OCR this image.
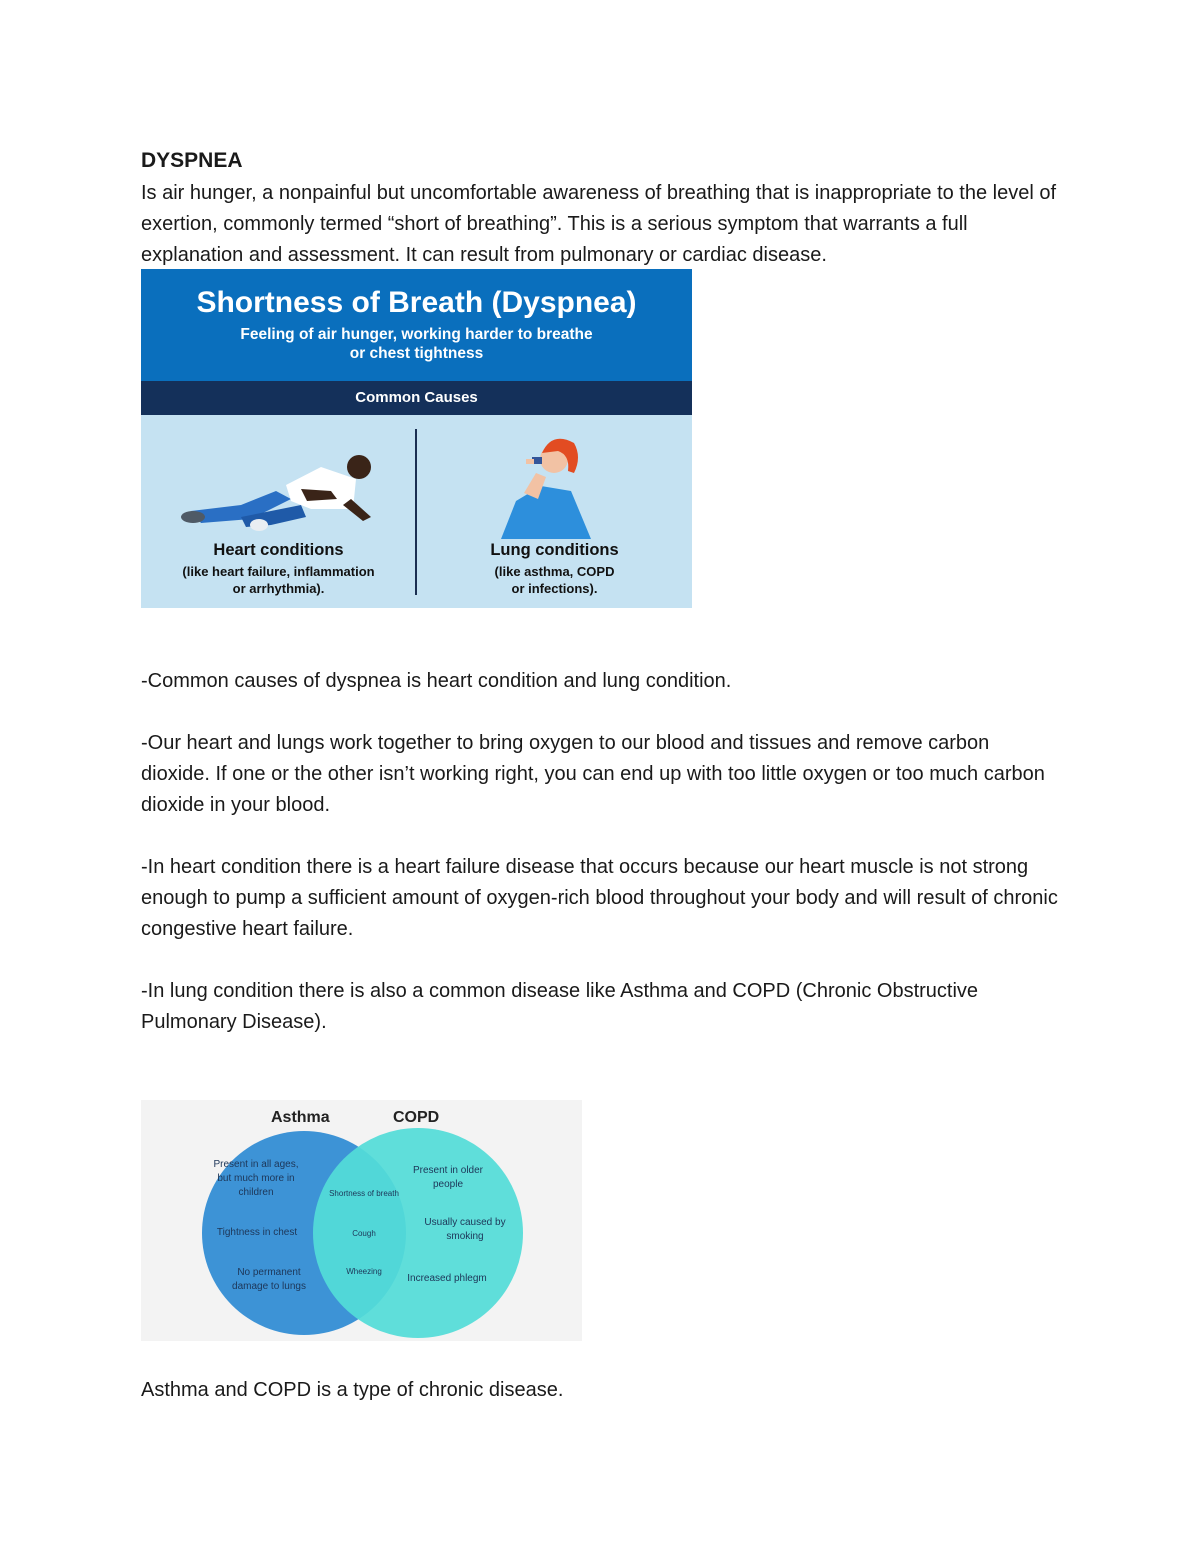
DYSPNEA

Is air hunger, a nonpainful but uncomfortable awareness of breathing that is inappropriate to the level of exertion, commonly termed “short of breathing”. This is a serious symptom that warrants a full explanation and assessment. It can result from pulmonary or cardiac disease.

Shortness of Breath (Dyspnea)
Feeling of air hunger, working harder to breathe
or chest tightness
Common Causes
Heart conditions
(like heart failure, inflammation
or arrhythmia).
Lung conditions
(like asthma, COPD
or infections).

-Common causes of dyspnea is heart condition and lung condition.

-Our heart and lungs work together to bring oxygen to our blood and tissues and remove carbon dioxide. If one or the other isn’t working right, you can end up with too little oxygen or too much carbon dioxide in your blood.

-In heart condition there is a heart failure disease that occurs because our heart muscle is not strong enough to pump a sufficient amount of oxygen-rich blood throughout your body and will result of chronic congestive heart failure.

-In lung condition there is also a common disease like Asthma and COPD (Chronic Obstructive Pulmonary Disease).

Asthma	COPD
Present in all ages, but much more in children
Tightness in chest
No permanent damage to lungs
Shortness of breath
Cough
Wheezing
Present in older people
Usually caused by smoking
Increased phlegm

Asthma and COPD is a type of chronic disease.
